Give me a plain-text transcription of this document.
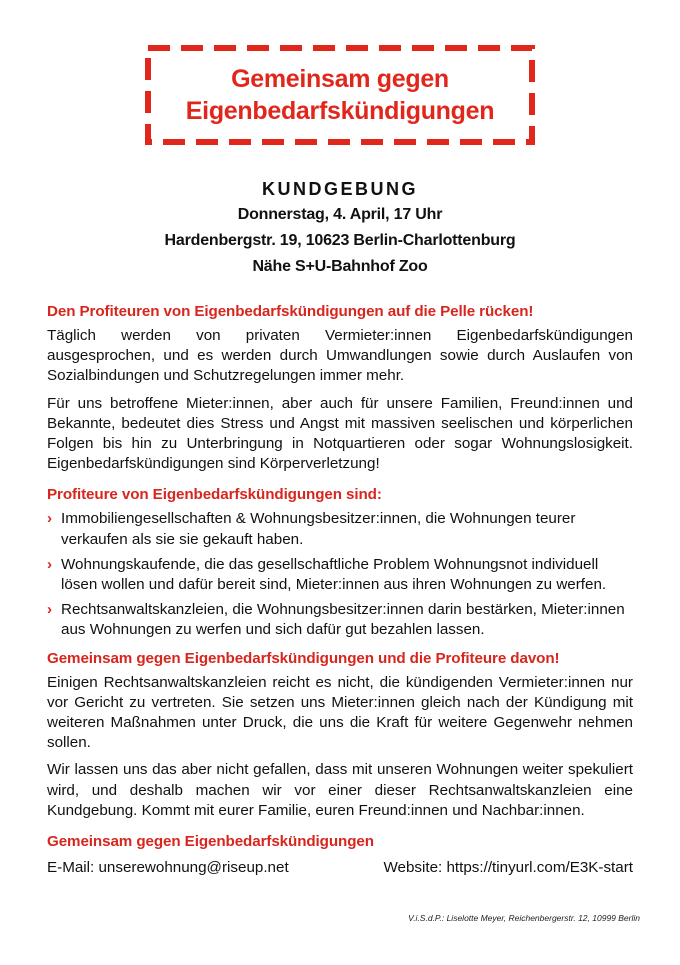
Gemeinsam gegen
Eigenbedarfskündigungen
KUNDGEBUNG
Donnerstag, 4. April, 17 Uhr
Hardenbergstr. 19, 10623 Berlin-Charlottenburg
Nähe S+U-Bahnhof Zoo
Den Profiteuren von Eigenbedarfskündigungen auf die Pelle rücken!

Täglich werden von privaten Vermieter:innen Eigenbedarfskündigungen ausgesprochen, und es werden durch Umwandlungen sowie durch Auslaufen von Sozialbindungen und Schutzregelungen immer mehr.

Für uns betroffene Mieter:innen, aber auch für unsere Familien, Freund:innen und Bekannte, bedeutet dies Stress und Angst mit massiven seelischen und körperlichen Folgen bis hin zu Unterbringung in Notquartieren oder sogar Wohnungslosigkeit. Eigenbedarfskündigungen sind Körperverletzung!

Profiteure von Eigenbedarfskündigungen sind:
› Immobiliengesellschaften & Wohnungsbesitzer:innen, die Wohnungen teurer verkaufen als sie sie gekauft haben.
› Wohnungskaufende, die das gesellschaftliche Problem Wohnungsnot individuell lösen wollen und dafür bereit sind, Mieter:innen aus ihren Wohnungen zu werfen.
› Rechtsanwaltskanzleien, die Wohnungsbesitzer:innen darin bestärken, Mieter:innen aus Wohnungen zu werfen und sich dafür gut bezahlen lassen.
Gemeinsam gegen Eigenbedarfskündigungen und die Profiteure davon!

Einigen Rechtsanwaltskanzleien reicht es nicht, die kündigenden Vermieter:innen nur vor Gericht zu vertreten. Sie setzen uns Mieter:innen gleich nach der Kündigung mit weiteren Maßnahmen unter Druck, die uns die Kraft für weitere Gegenwehr nehmen sollen.

Wir lassen uns das aber nicht gefallen, dass mit unseren Wohnungen weiter spekuliert wird, und deshalb machen wir vor einer dieser Rechtsanwaltskanzleien eine Kundgebung. Kommt mit eurer Familie, euren Freund:innen und Nachbar:innen.

Gemeinsam gegen Eigenbedarfskündigungen
E-Mail: unserewohnung@riseup.net	Website: https://tinyurl.com/E3K-start
V.i.S.d.P.: Liselotte Meyer, Reichenbergerstr. 12, 10999 Berlin
